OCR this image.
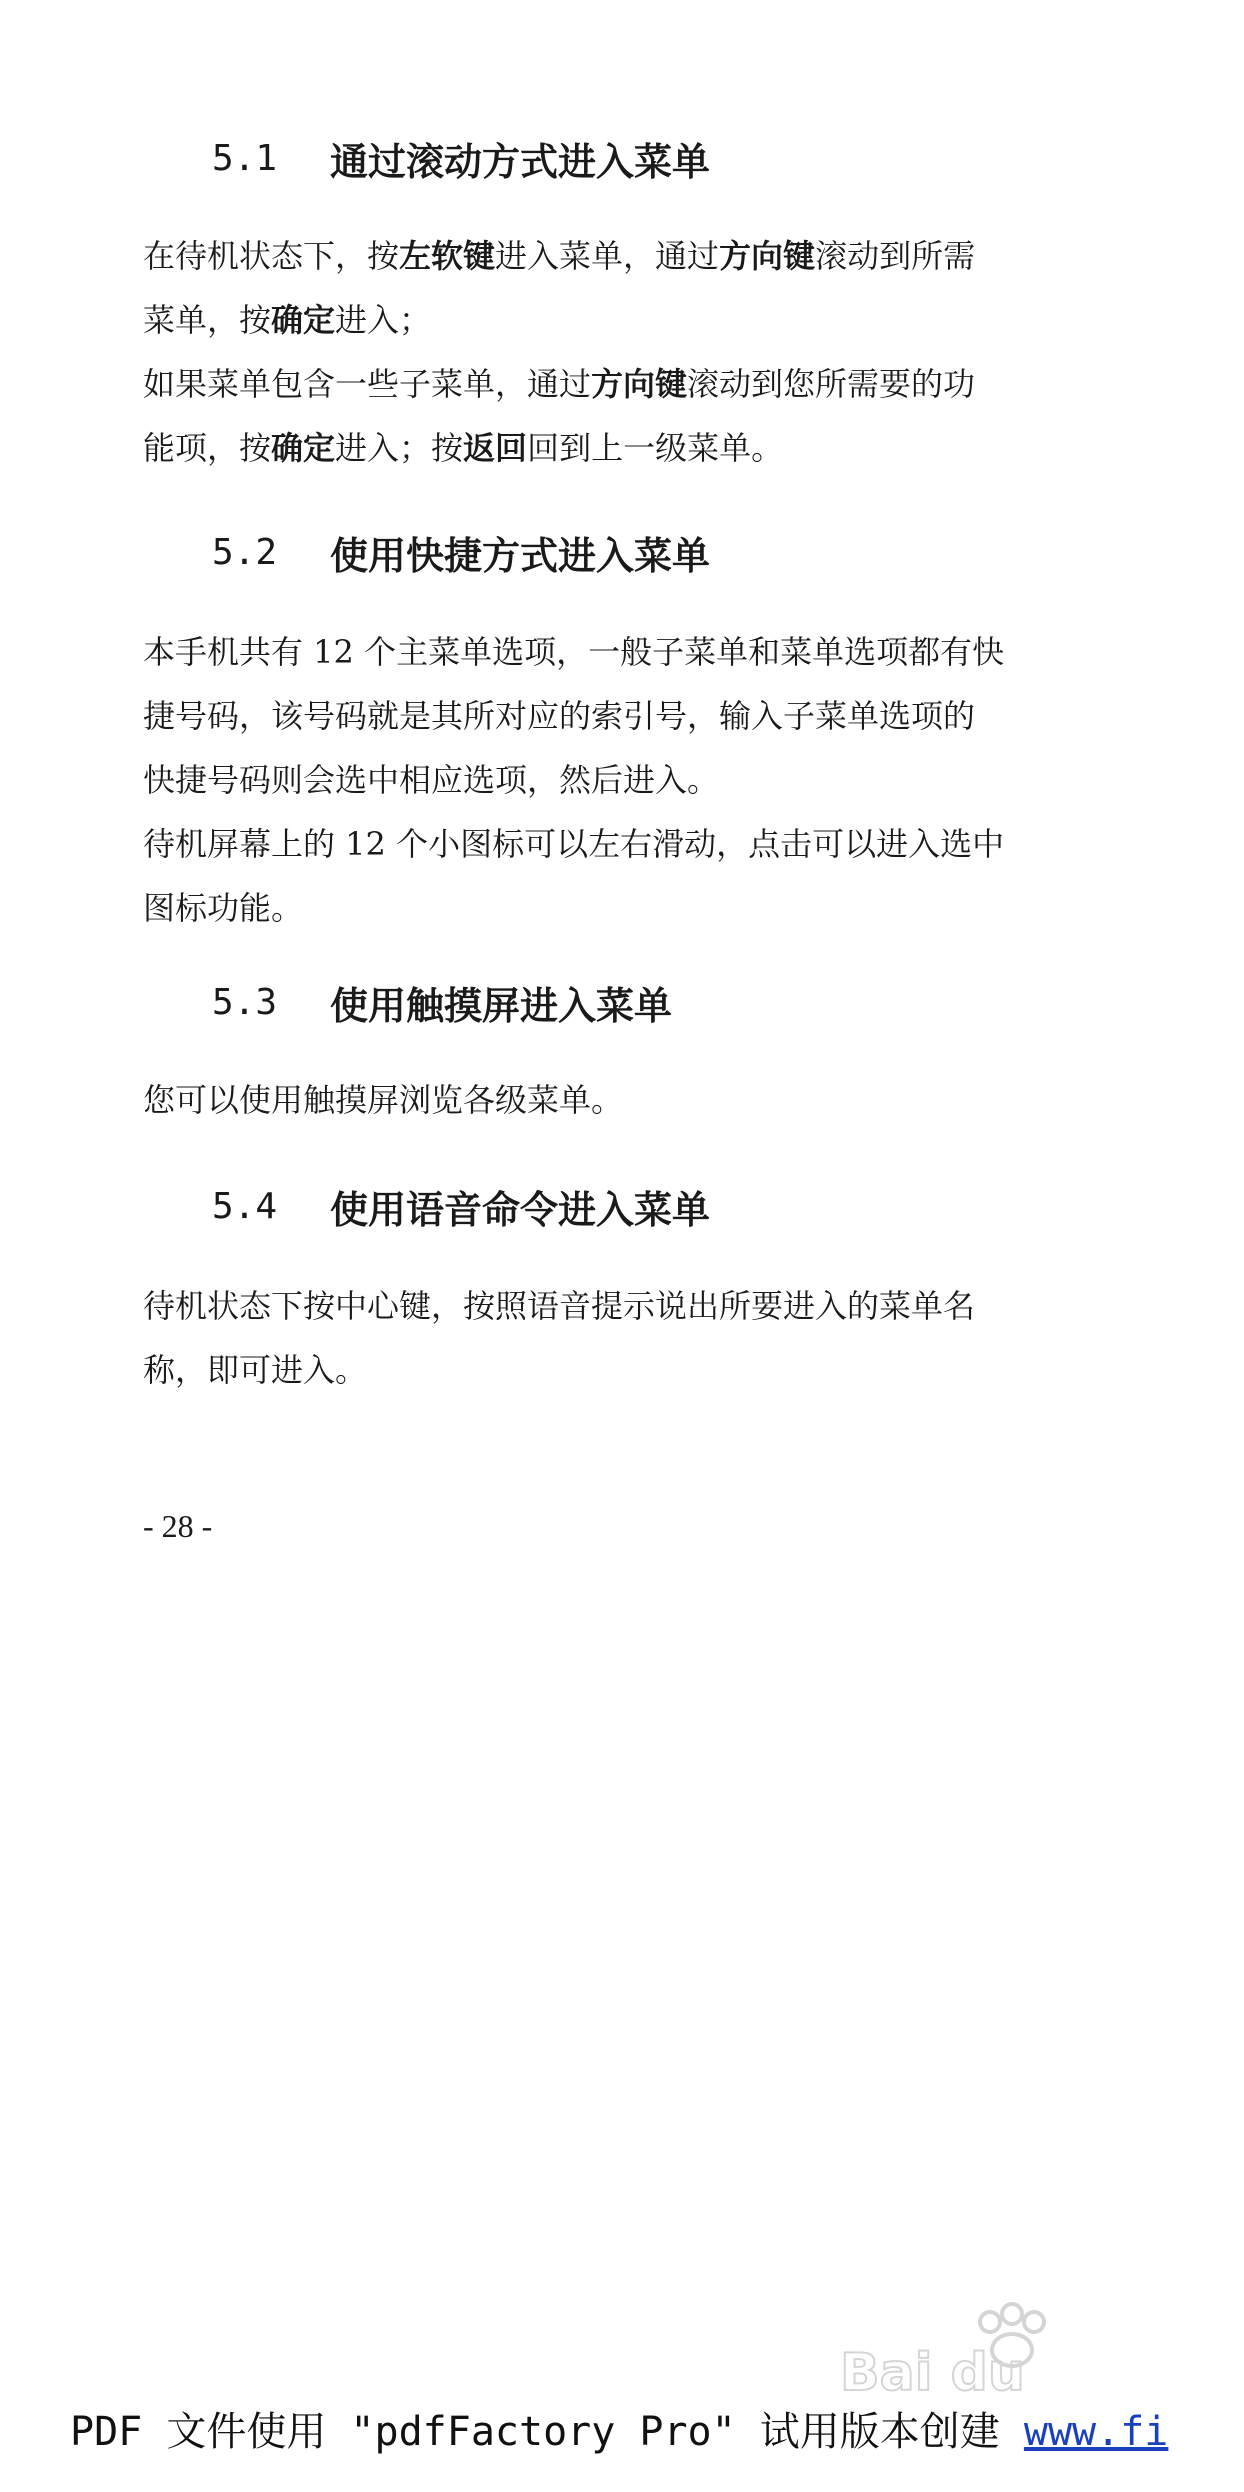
5.1	通过滚动方式进入菜单
在待机状态下，按左软键进入菜单，通过方向键滚动到所需
菜单，按确定进入；
如果菜单包含一些子菜单，通过方向键滚动到您所需要的功
能项，按确定进入；按返回回到上一级菜单。
5.2	使用快捷方式进入菜单
本手机共有 12 个主菜单选项，一般子菜单和菜单选项都有快
捷号码，该号码就是其所对应的索引号，输入子菜单选项的
快捷号码则会选中相应选项，然后进入。
待机屏幕上的 12 个小图标可以左右滑动，点击可以进入选中
图标功能。
5.3	使用触摸屏进入菜单
您可以使用触摸屏浏览各级菜单。
5.4	使用语音命令进入菜单
待机状态下按中心键，按照语音提示说出所要进入的菜单名
称，即可进入。
- 28 -
Bai du
PDF 文件使用 "pdfFactory Pro" 试用版本创建 www.fi
